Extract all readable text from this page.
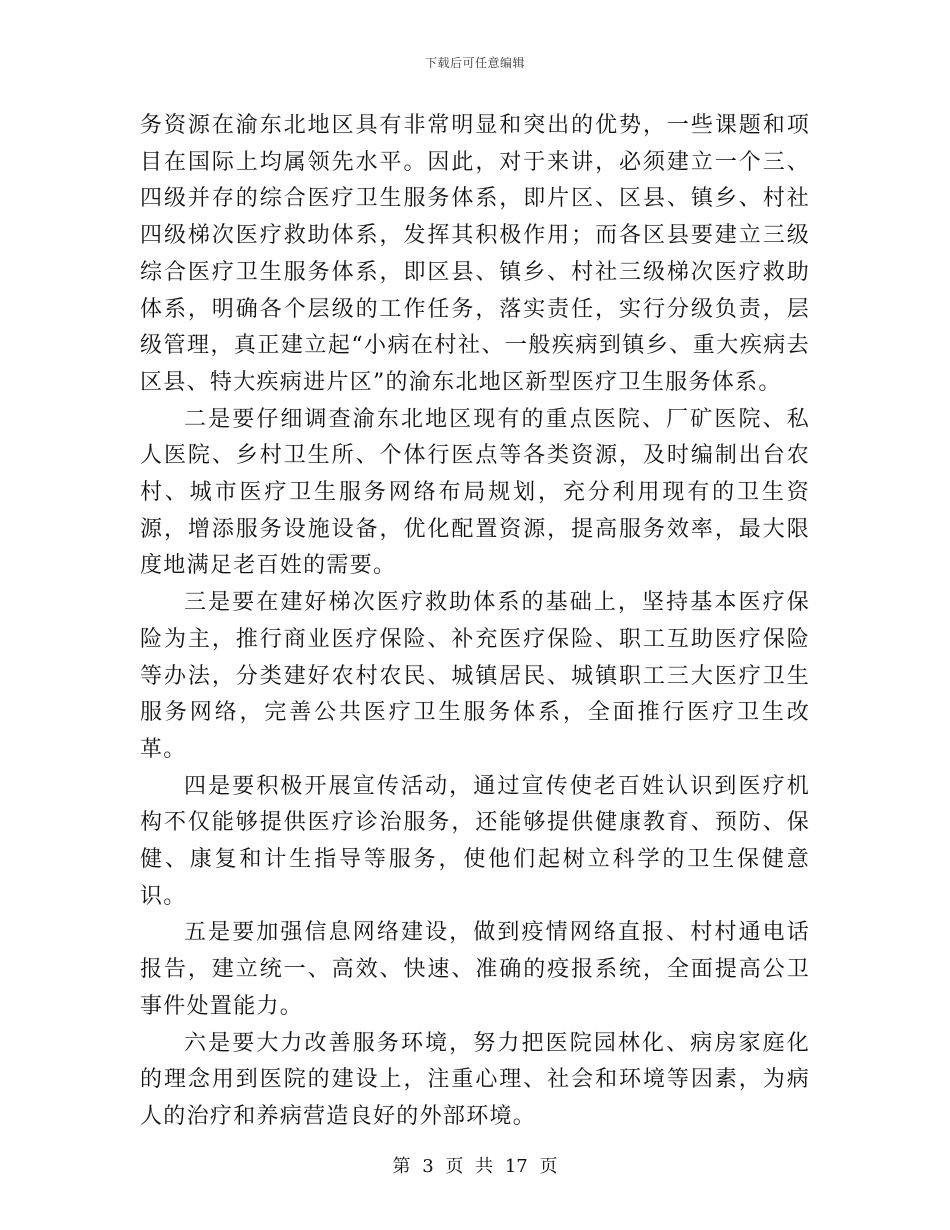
下载后可任意编辑

务资源在渝东北地区具有非常明显和突出的优势，一些课题和项目在国际上均属领先水平。因此，对于来讲，必须建立一个三、四级并存的综合医疗卫生服务体系，即片区、区县、镇乡、村社四级梯次医疗救助体系，发挥其积极作用；而各区县要建立三级综合医疗卫生服务体系，即区县、镇乡、村社三级梯次医疗救助体系，明确各个层级的工作任务，落实责任，实行分级负责，层级管理，真正建立起“小病在村社、一般疾病到镇乡、重大疾病去区县、特大疾病进片区”的渝东北地区新型医疗卫生服务体系。

二是要仔细调查渝东北地区现有的重点医院、厂矿医院、私人医院、乡村卫生所、个体行医点等各类资源，及时编制出台农村、城市医疗卫生服务网络布局规划，充分利用现有的卫生资源，增添服务设施设备，优化配置资源，提高服务效率，最大限度地满足老百姓的需要。

三是要在建好梯次医疗救助体系的基础上，坚持基本医疗保险为主，推行商业医疗保险、补充医疗保险、职工互助医疗保险等办法，分类建好农村农民、城镇居民、城镇职工三大医疗卫生服务网络，完善公共医疗卫生服务体系，全面推行医疗卫生改革。

四是要积极开展宣传活动，通过宣传使老百姓认识到医疗机构不仅能够提供医疗诊治服务，还能够提供健康教育、预防、保健、康复和计生指导等服务，使他们起树立科学的卫生保健意识。

五是要加强信息网络建设，做到疫情网络直报、村村通电话报告，建立统一、高效、快速、准确的疫报系统，全面提高公卫事件处置能力。

六是要大力改善服务环境，努力把医院园林化、病房家庭化的理念用到医院的建设上，注重心理、社会和环境等因素，为病人的治疗和养病营造良好的外部环境。

第 3 页 共 17 页
